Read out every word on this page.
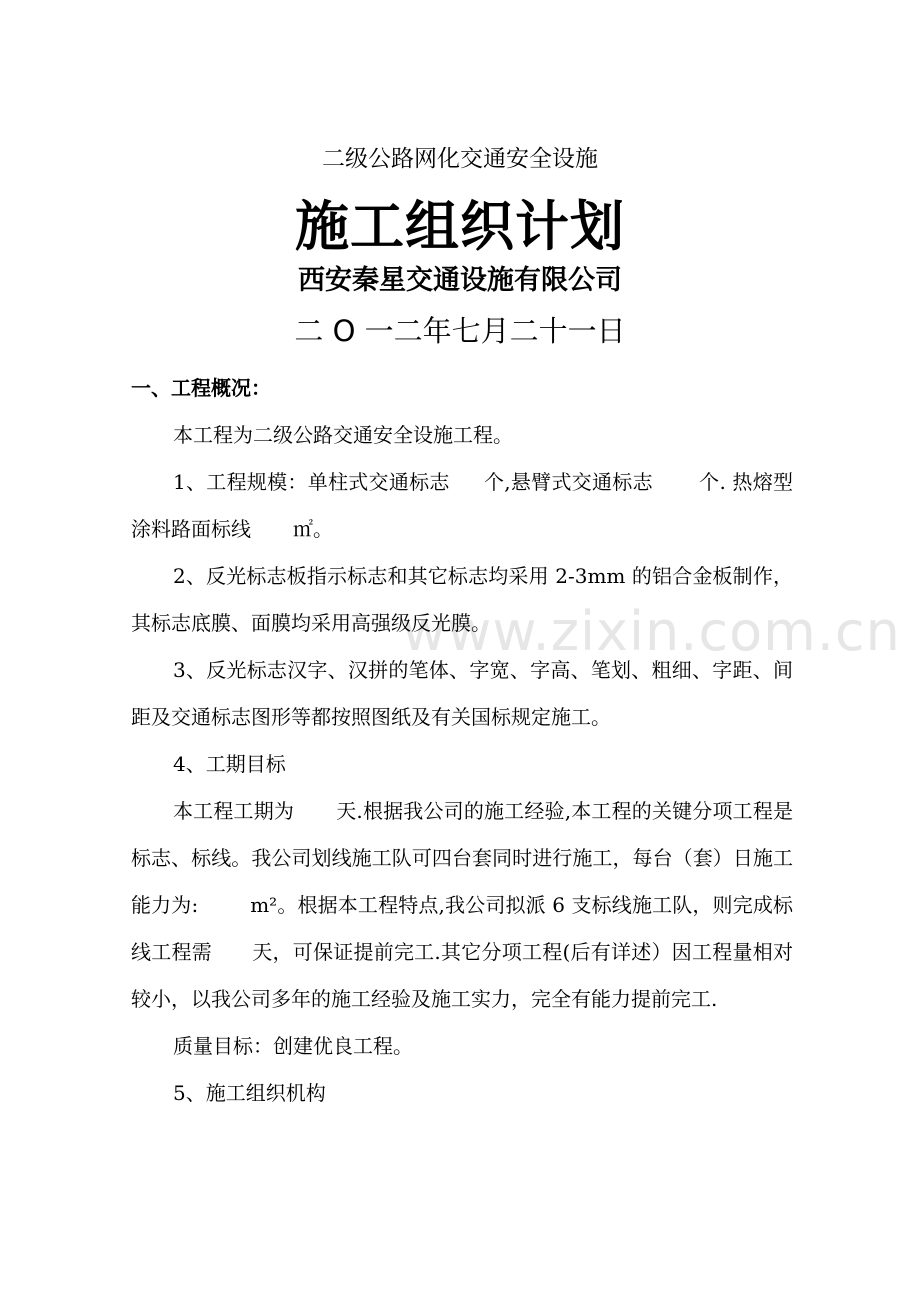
二级公路网化交通安全设施
施工组织计划
西安秦星交通设施有限公司
二 O 一二年七月二十一日
一、工程概况：
www.zixin.com.cn

本工程为二级公路交通安全设施工程。

1、工程规模：单柱式交通标志 个,悬臂式交通标志 个. 热熔型涂料路面标线 ㎡。

2、反光标志板指示标志和其它标志均采用 2-3mm 的铝合金板制作，其标志底膜、面膜均采用高强级反光膜。

3、反光标志汉字、汉拼的笔体、字宽、字高、笔划、粗细、字距、间距及交通标志图形等都按照图纸及有关国标规定施工。

4、工期目标

本工程工期为 天.根据我公司的施工经验,本工程的关键分项工程是标志、标线。我公司划线施工队可四台套同时进行施工，每台（套）日施工能力为:	m²。根据本工程特点,我公司拟派 6 支标线施工队，则完成标线工程需 天，可保证提前完工.其它分项工程(后有详述）因工程量相对较小，以我公司多年的施工经验及施工实力，完全有能力提前完工.

质量目标：创建优良工程。

5、施工组织机构
